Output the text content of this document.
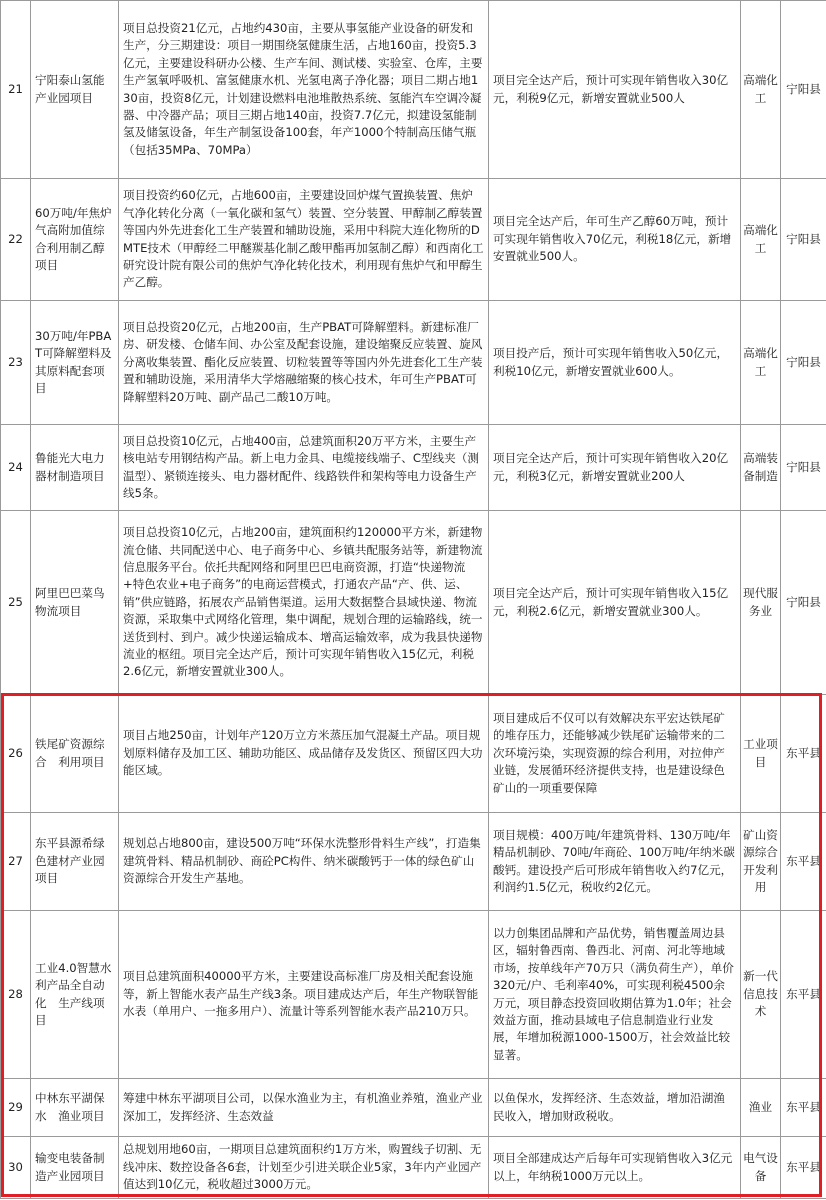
21	宁阳泰山氢能产业园项目	项目总投资21亿元，占地约430亩，主要从事氢能产业设备的研发和生产，分三期建设：项目一期围绕氢健康生活，占地160亩，投资5.3亿元，主要建设科研办公楼、生产车间、测试楼、实验室、仓库，主要生产氢氧呼吸机、富氢健康水机、光氢电离子净化器；项目二期占地130亩，投资8亿元，计划建设燃料电池堆散热系统、氢能汽车空调冷凝器、中冷器产品；项目三期占地140亩，投资7.7亿元，拟建设氢能制氢及储氢设备，年生产制氢设备100套，年产1000个特制高压储气瓶（包括35MPa、70MPa）	项目完全达产后，预计可实现年销售收入30亿元，利税9亿元，新增安置就业500人	高端化工	宁阳县
22	60万吨/年焦炉气高附加值综合利用制乙醇项目	项目投资约60亿元，占地600亩，主要建设回炉煤气置换装置、焦炉气净化转化分离（一氧化碳和氢气）装置、空分装置、甲醇制乙醇装置等国内外先进套化工生产装置和辅助设施，采用中科院大连化物所的DMTE技术（甲醇经二甲醚羰基化制乙酸甲酯再加氢制乙醇）和西南化工研究设计院有限公司的焦炉气净化转化技术，利用现有焦炉气和甲醇生产乙醇。	项目完全达产后，年可生产乙醇60万吨，预计可实现年销售收入70亿元，利税18亿元，新增安置就业500人。	高端化工	宁阳县
23	30万吨/年PBAT可降解塑料及其原料配套项目	项目总投资20亿元，占地200亩，生产PBAT可降解塑料。新建标准厂房、研发楼、仓储车间、办公室及配套设施，建设缩聚反应装置、旋风分离收集装置、酯化反应装置、切粒装置等等国内外先进套化工生产装置和辅助设施，采用清华大学熔融缩聚的核心技术，年可生产PBAT可降解塑料20万吨、副产品己二酸10万吨。	项目投产后，预计可实现年销售收入50亿元，利税10亿元，新增安置就业600人。	高端化工	宁阳县
24	鲁能光大电力器材制造项目	项目总投资10亿元，占地400亩，总建筑面积20万平方米，主要生产核电站专用钢结构产品。新上电力金具、电缆接线端子、C型线夹（测温型）、紧锁连接头、电力器材配件、线路铁件和架构等电力设备生产线5条。	项目完全达产后，预计可实现年销售收入20亿元，利税3亿元，新增安置就业200人	高端装备制造	宁阳县
25	阿里巴巴菜鸟物流项目	项目总投资10亿元，占地200亩，建筑面积约120000平方米，新建物流仓储、共同配送中心、电子商务中心、乡镇共配服务站等，新建物流信息服务平台。依托共配网络和阿里巴巴电商资源，打造“快递物流+特色农业+电子商务”的电商运营模式，打通农产品“产、供、运、销”供应链路，拓展农产品销售渠道。运用大数据整合县域快递、物流资源，采取集中式网络化管理，集中调配，规划合理的运输路线，统一送货到村、到户。减少快递运输成本、增高运输效率，成为我县快递物流业的枢纽。项目完全达产后，预计可实现年销售收入15亿元，利税2.6亿元，新增安置就业300人。	项目完全达产后，预计可实现年销售收入15亿元，利税2.6亿元，新增安置就业300人。	现代服务业	宁阳县
26	铁尾矿资源综合　利用项目	项目占地250亩，计划年产120万立方米蒸压加气混凝土产品。项目规划原料储存及加工区、辅助功能区、成品储存及发货区、预留区四大功能区域。	项目建成后不仅可以有效解决东平宏达铁尾矿的堆存压力，还能够减少铁尾矿运输带来的二次环境污染，实现资源的综合利用，对拉伸产业链，发展循环经济提供支持，也是建设绿色矿山的一项重要保障	工业项目	东平县
27	东平县源希绿色建材产业园项目	规划总占地800亩，建设500万吨“环保水洗整形骨料生产线”，打造集建筑骨料、精品机制砂、商砼PC构件、纳米碳酸钙于一体的绿色矿山资源综合开发生产基地。	项目规模：400万吨/年建筑骨料、130万吨/年精品机制砂、70吨/年商砼、100万吨/年纳米碳酸钙。建设投产后可形成年销售收入约7亿元，利润约1.5亿元，税收约2亿元。	矿山资源综合开发利用	东平县
28	工业4.0智慧水利产品全自动化　生产线项目	项目总建筑面积40000平方米，主要建设高标准厂房及相关配套设施等，新上智能水表产品生产线3条。项目建成达产后，年生产物联智能水表（单用户、一拖多用户）、流量计等系列智能水表产品210万只。	以力创集团品牌和产品优势，销售覆盖周边县区，辐射鲁西南、鲁西北、河南、河北等地域市场，按单线年产70万只（满负荷生产），单价320元/户、毛利率40%，可实现利税4500余万元，项目静态投资回收期估算为1.0年；社会效益方面，推动县域电子信息制造业行业发展，年增加税源1000-1500万，社会效益比较显著。	新一代信息技术	东平县
29	中林东平湖保水　渔业项目	筹建中林东平湖项目公司，以保水渔业为主，有机渔业养殖，渔业产业深加工，发挥经济、生态效益	以鱼保水，发挥经济、生态效益，增加沿湖渔民收入，增加财政税收。	渔业	东平县
30	输变电装备制造产业园项目	总规划用地60亩，一期项目总建筑面积约1万方米，购置线子切割、无线冲床、数控设备各6套，计划至少引进关联企业5家，3年内产业园产值达到10亿元，税收超过3000万元。	项目全部建成达产后每年可实现销售收入3亿元以上，年纳税1000万元以上。	电气设备	东平县
